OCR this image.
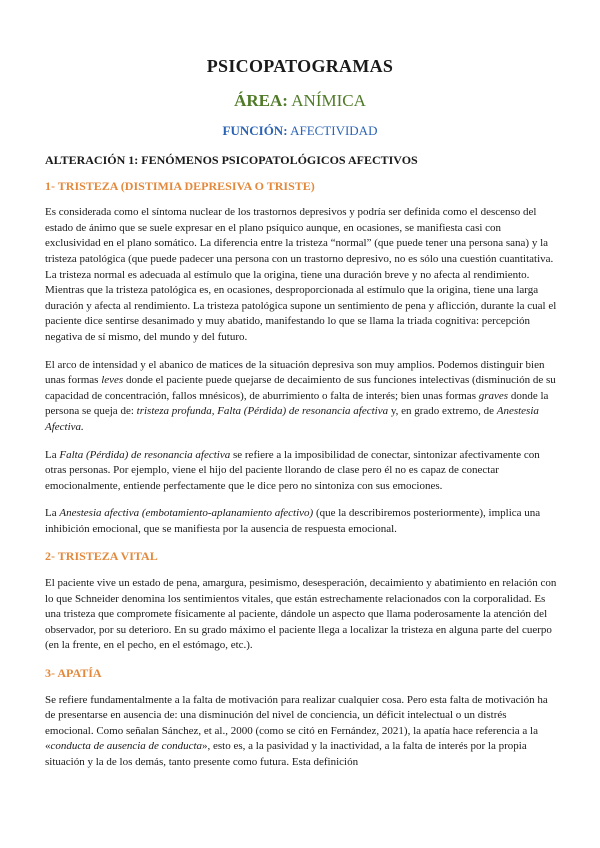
PSICOPATOGRAMAS
ÁREA: ANÍMICA
FUNCIÓN: AFECTIVIDAD
ALTERACIÓN 1: FENÓMENOS PSICOPATOLÓGICOS AFECTIVOS
1- TRISTEZA (DISTIMIA DEPRESIVA O TRISTE)

Es considerada como el síntoma nuclear de los trastornos depresivos y podría ser definida como el descenso del estado de ánimo que se suele expresar en el plano psíquico aunque, en ocasiones, se manifiesta casi con exclusividad en el plano somático. La diferencia entre la tristeza “normal” (que puede tener una persona sana) y la tristeza patológica (que puede padecer una persona con un trastorno depresivo, no es sólo una cuestión cuantitativa. La tristeza normal es adecuada al estímulo que la origina, tiene una duración breve y no afecta al rendimiento. Mientras que la tristeza patológica es, en ocasiones, desproporcionada al estímulo que la origina, tiene una larga duración y afecta al rendimiento. La tristeza patológica supone un sentimiento de pena y aflicción, durante la cual el paciente dice sentirse desanimado y muy abatido, manifestando lo que se llama la triada cognitiva: percepción negativa de sí mismo, del mundo y del futuro.

El arco de intensidad y el abanico de matices de la situación depresiva son muy amplios. Podemos distinguir bien unas formas leves donde el paciente puede quejarse de decaimiento de sus funciones intelectivas (disminución de su capacidad de concentración, fallos mnésicos), de aburrimiento o falta de interés; bien unas formas graves donde la persona se queja de: tristeza profunda, Falta (Pérdida) de resonancia afectiva y, en grado extremo, de Anestesia Afectiva.

La Falta (Pérdida) de resonancia afectiva se refiere a la imposibilidad de conectar, sintonizar afectivamente con otras personas. Por ejemplo, viene el hijo del paciente llorando de clase pero él no es capaz de conectar emocionalmente, entiende perfectamente que le dice pero no sintoniza con sus emociones.

La Anestesia afectiva (embotamiento-aplanamiento afectivo) (que la describiremos posteriormente), implica una inhibición emocional, que se manifiesta por la ausencia de respuesta emocional.

2- TRISTEZA VITAL

El paciente vive un estado de pena, amargura, pesimismo, desesperación, decaimiento y abatimiento en relación con lo que Schneider denomina los sentimientos vitales, que están estrechamente relacionados con la corporalidad. Es una tristeza que compromete físicamente al paciente, dándole un aspecto que llama poderosamente la atención del observador, por su deterioro. En su grado máximo el paciente llega a localizar la tristeza en alguna parte del cuerpo (en la frente, en el pecho, en el estómago, etc.).

3- APATÍA

Se refiere fundamentalmente a la falta de motivación para realizar cualquier cosa. Pero esta falta de motivación ha de presentarse en ausencia de: una disminución del nivel de conciencia, un déficit intelectual o un distrés emocional. Como señalan Sánchez, et al., 2000 (como se citó en Fernández, 2021), la apatía hace referencia a la «conducta de ausencia de conducta», esto es, a la pasividad y la inactividad, a la falta de interés por la propia situación y la de los demás, tanto presente como futura. Esta definición
